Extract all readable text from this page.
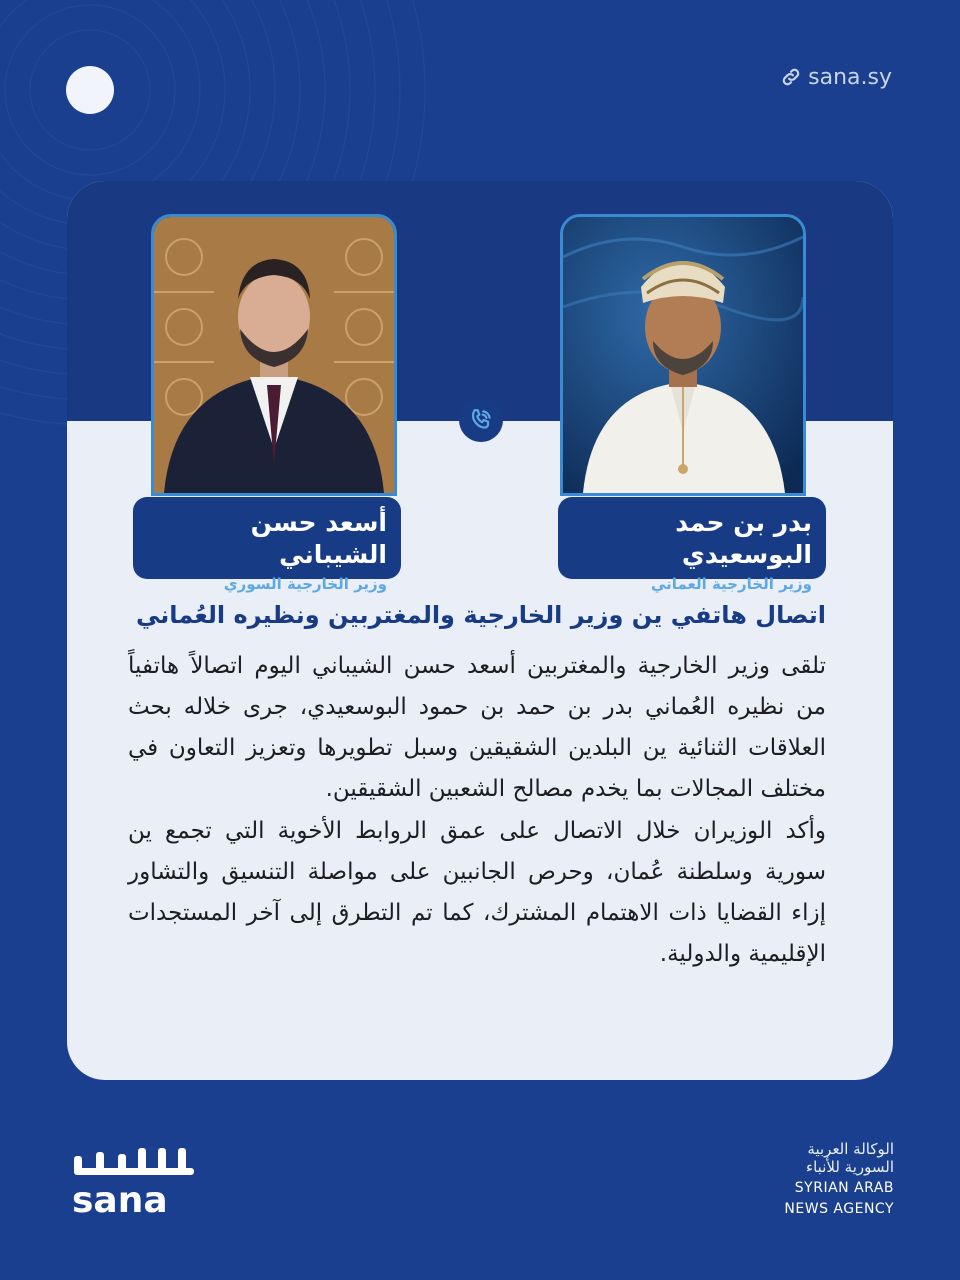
sana.sy
بدر بن حمد البوسعيدي
وزير الخارجية العماني
أسعد حسن الشيباني
وزير الخارجية السوري
اتصال هاتفي ين وزير الخارجية والمغتربين ونظيره العُماني
تلقى وزير الخارجية والمغتربين أسعد حسن الشيباني اليوم اتصالاً هاتفياً من نظيره العُماني بدر بن حمد بن حمود البوسعيدي، جرى خلاله بحث العلاقات الثنائية ين البلدين الشقيقين وسبل تطويرها وتعزيز التعاون في مختلف المجالات بما يخدم مصالح الشعبين الشقيقين.
وأكد الوزيران خلال الاتصال على عمق الروابط الأخوية التي تجمع ين سورية وسلطنة عُمان، وحرص الجانبين على مواصلة التنسيق والتشاور إزاء القضايا ذات الاهتمام المشترك، كما تم التطرق إلى آخر المستجدات الإقليمية والدولية.
sana
الوكالة العربية
السورية للأنباء
SYRIAN ARAB
NEWS AGENCY
